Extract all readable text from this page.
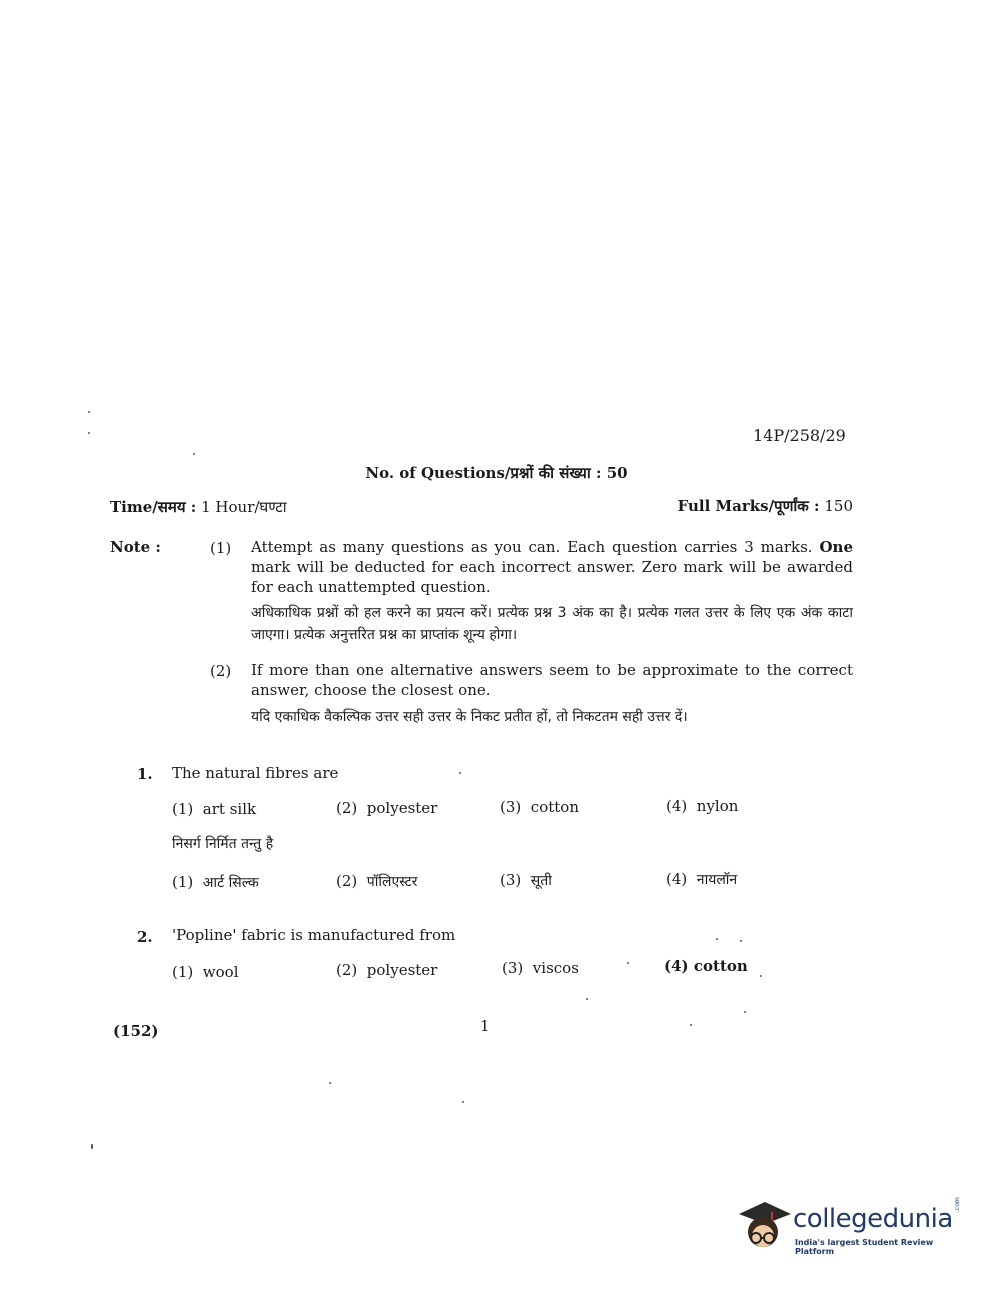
14P/258/29
No. of Questions/प्रश्नों की संख्या : 50
Time/समय : 1 Hour/घण्टा	Full Marks/पूर्णांक : 150
Note :	(1) Attempt as many questions as you can. Each question carries 3 marks. One mark will be deducted for each incorrect answer. Zero mark will be awarded for each unattempted question.
अधिकाधिक प्रश्नों को हल करने का प्रयत्न करें। प्रत्येक प्रश्न 3 अंक का है। प्रत्येक गलत उत्तर के लिए एक अंक काटा जाएगा। प्रत्येक अनुत्तरित प्रश्न का प्राप्तांक शून्य होगा।
(2) If more than one alternative answers seem to be approximate to the correct answer, choose the closest one.
यदि एकाधिक वैकल्पिक उत्तर सही उत्तर के निकट प्रतीत हों, तो निकटतम सही उत्तर दें।
1. The natural fibres are
(1) art silk	(2) polyester	(3) cotton	(4) nylon
निसर्ग निर्मित तन्तु है
(1) आर्ट सिल्क	(2) पॉलिएस्टर	(3) सूती	(4) नायलॉन
2. 'Popline' fabric is manufactured from
(1) wool	(2) polyester	(3) viscos	(4) cotton
(152)	1
collegedunia .com
India's largest Student Review Platform
